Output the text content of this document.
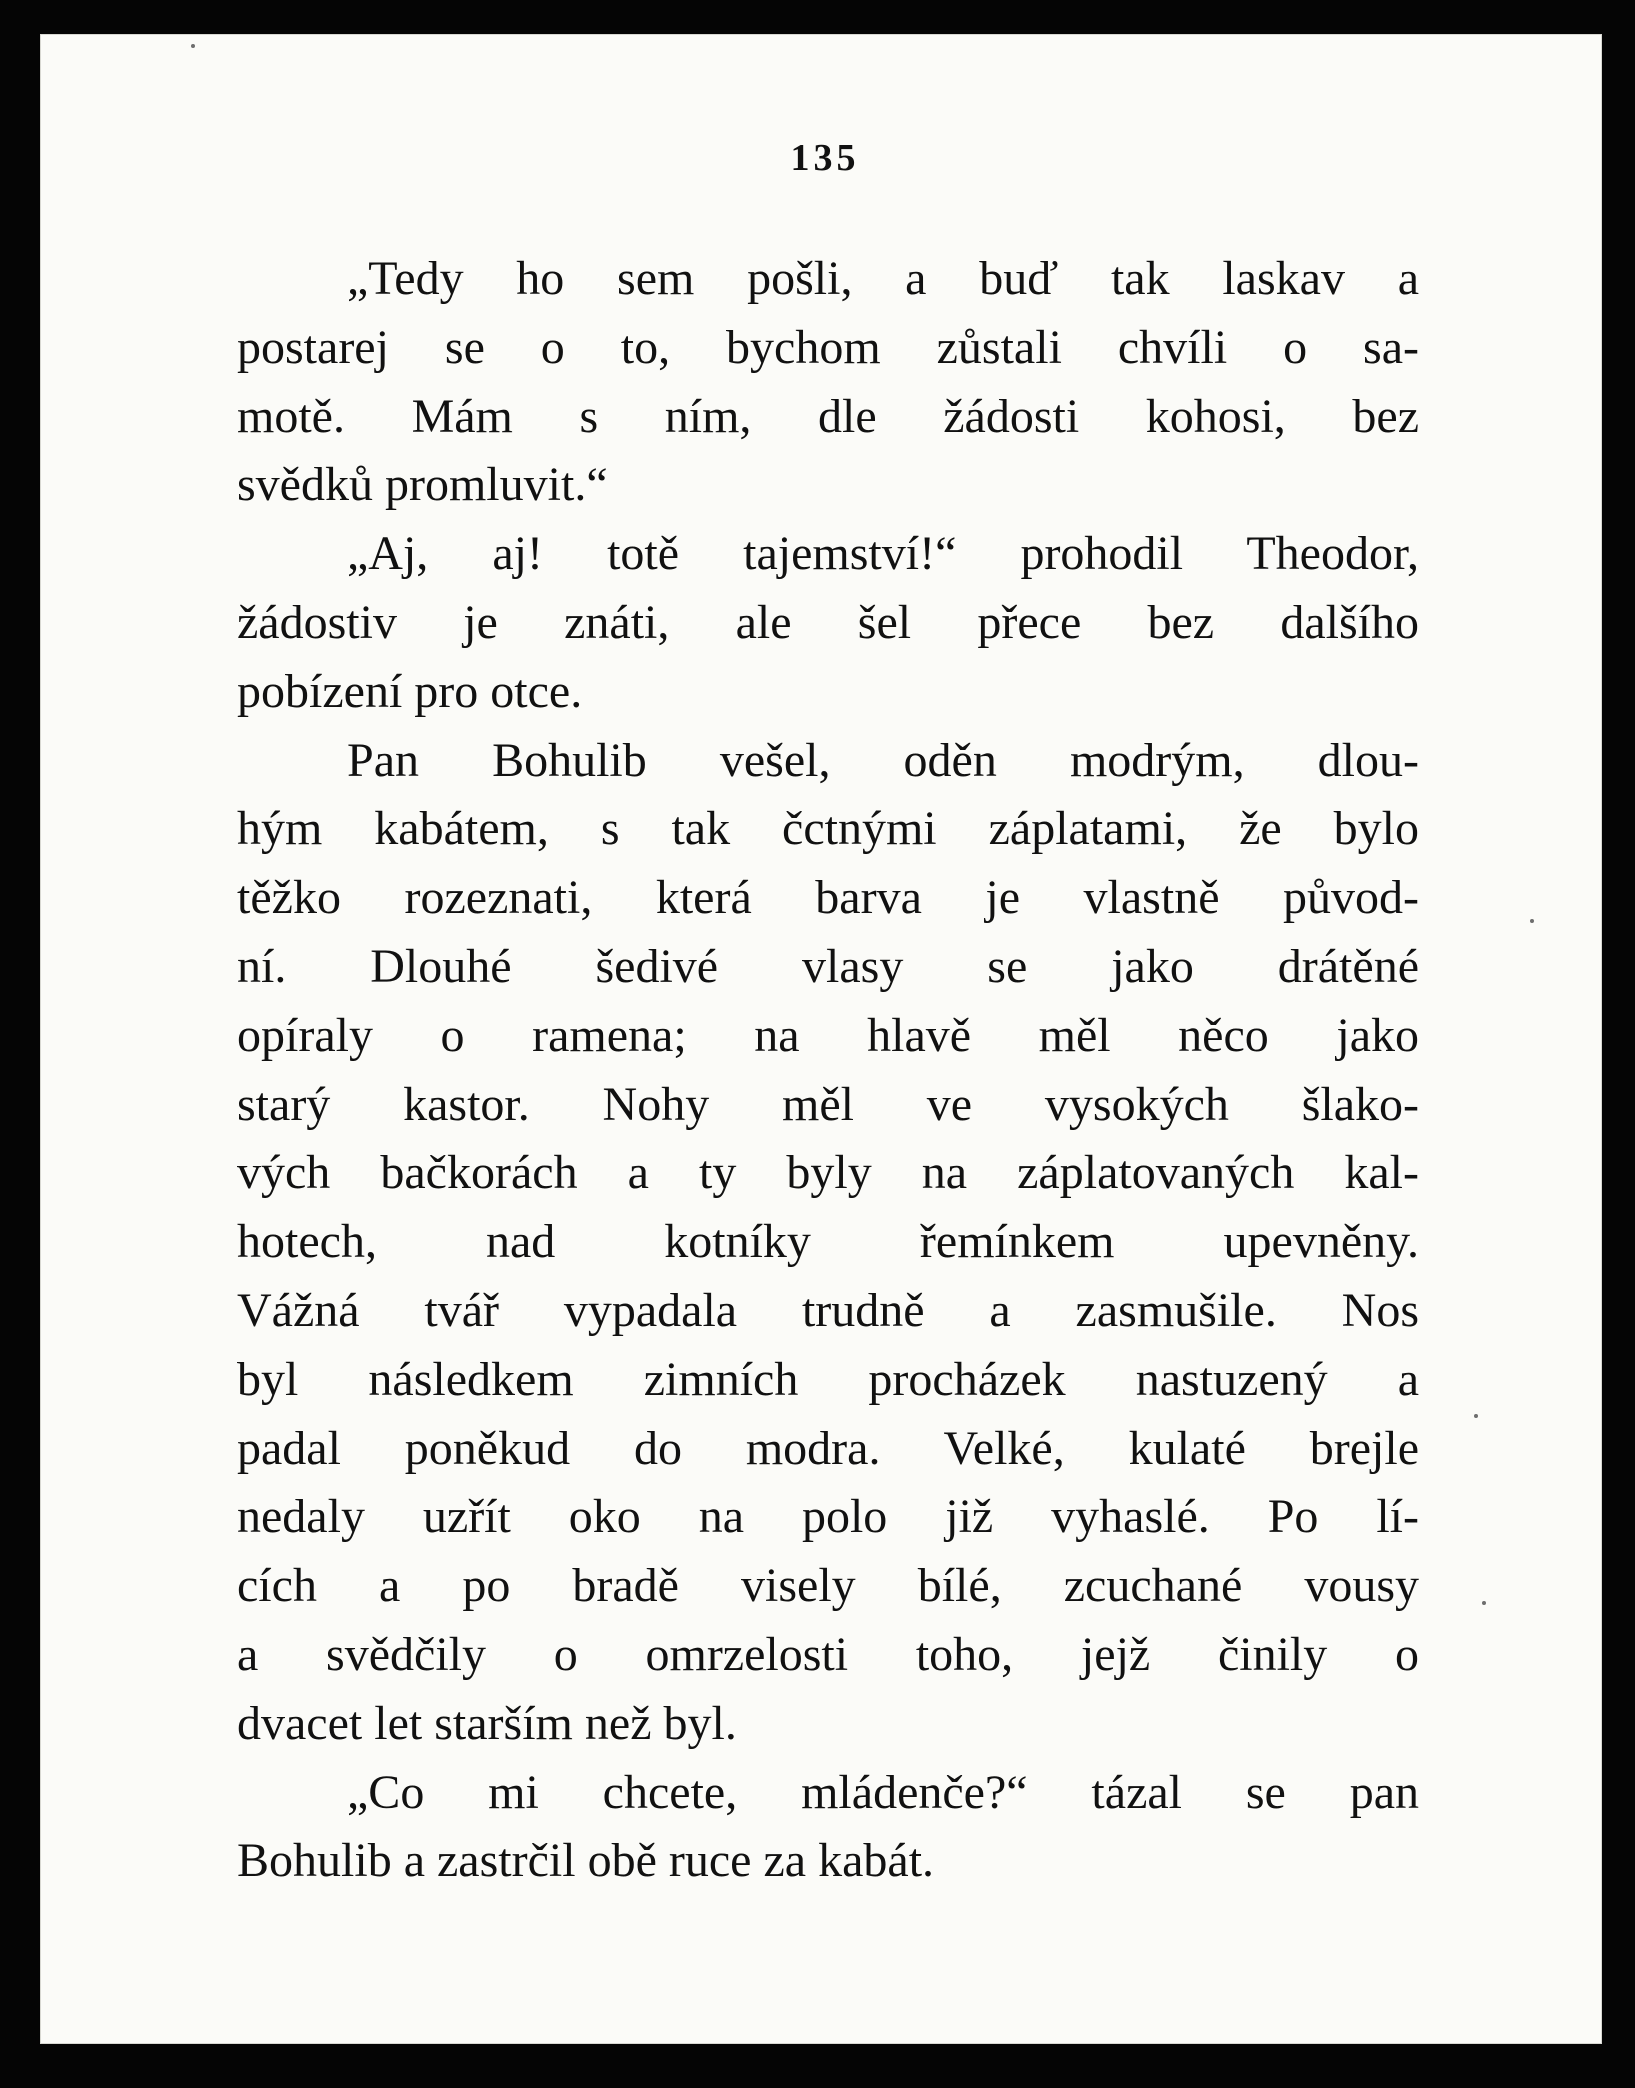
135
„Tedy ho sem pošli, a buď tak laskav a
postarej se o to, bychom zůstali chvíli o sa-
motě. Mám s ním, dle žádosti kohosi, bez
svědků promluvit.“
„Aj, aj! totě tajemství!“ prohodil Theodor,
žádostiv je znáti, ale šel přece bez dalšího
pobízení pro otce.
Pan Bohulib vešel, oděn modrým, dlou-
hým kabátem, s tak čctnými záplatami, že bylo
těžko rozeznati, která barva je vlastně původ-
ní. Dlouhé šedivé vlasy se jako drátěné
opíraly o ramena; na hlavě měl něco jako
starý kastor. Nohy měl ve vysokých šlako-
vých bačkorách a ty byly na záplatovaných kal-
hotech, nad kotníky řemínkem upevněny.
Vážná tvář vypadala trudně a zasmušile. Nos
byl následkem zimních procházek nastuzený a
padal poněkud do modra. Velké, kulaté brejle
nedaly uzřít oko na polo již vyhaslé. Po lí-
cích a po bradě visely bílé, zcuchané vousy
a svědčily o omrzelosti toho, jejž činily o
dvacet let starším než byl.
„Co mi chcete, mládenče?“ tázal se pan
Bohulib a zastrčil obě ruce za kabát.
